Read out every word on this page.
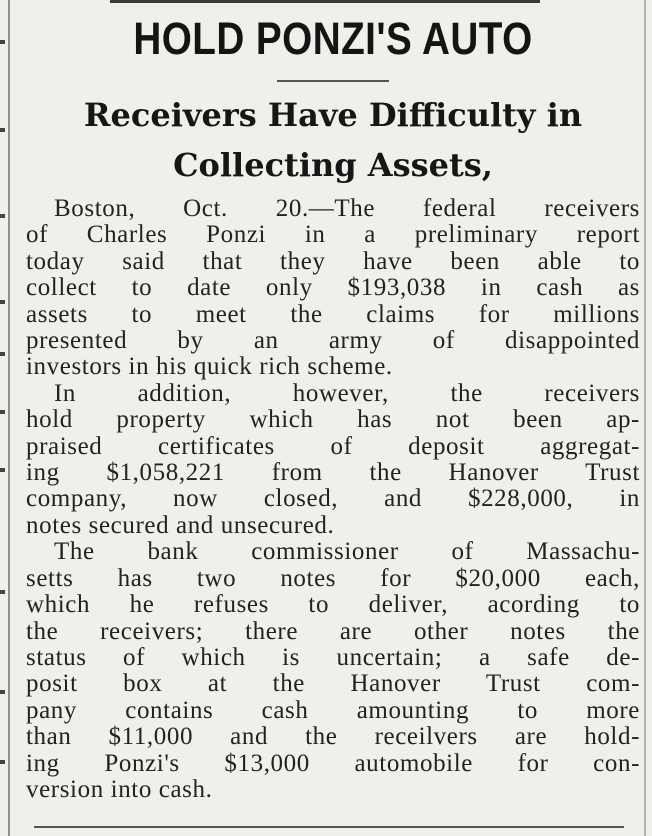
HOLD PONZI'S AUTO
Receivers Have Difficulty in
Collecting Assets,
Boston, Oct. 20.—The federal receivers
of Charles Ponzi in a preliminary report
today said that they have been able to
collect to date only $193,038 in cash as
assets to meet the claims for millions
presented by an army of disappointed
investors in his quick rich scheme.
In addition, however, the receivers
hold property which has not been ap-
praised certificates of deposit aggregat-
ing $1,058,221 from the Hanover Trust
company, now closed, and $228,000, in
notes secured and unsecured.
The bank commissioner of Massachu-
setts has two notes for $20,000 each,
which he refuses to deliver, acording to
the receivers; there are other notes the
status of which is uncertain; a safe de-
posit box at the Hanover Trust com-
pany contains cash amounting to more
than $11,000 and the receilvers are hold-
ing Ponzi's $13,000 automobile for con-
version into cash.
